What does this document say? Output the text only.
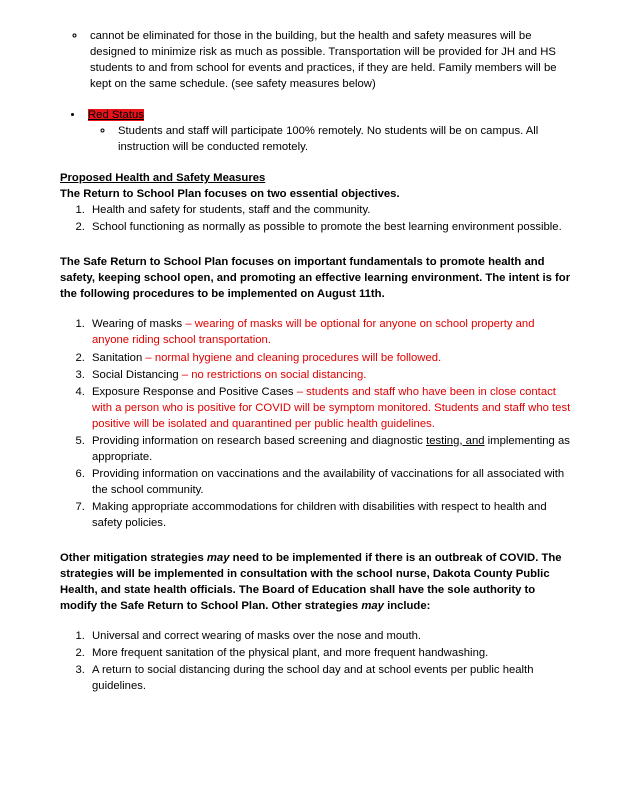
◦ cannot be eliminated for those in the building, but the health and safety measures will be designed to minimize risk as much as possible. Transportation will be provided for JH and HS students to and from school for events and practices, if they are held. Family members will be kept on the same schedule. (see safety measures below)
• Red Status
◦ Students and staff will participate 100% remotely. No students will be on campus. All instruction will be conducted remotely.

Proposed Health and Safety Measures

The Return to School Plan focuses on two essential objectives.

1. Health and safety for students, staff and the community.
2. School functioning as normally as possible to promote the best learning environment possible.

The Safe Return to School Plan focuses on important fundamentals to promote health and safety, keeping school open, and promoting an effective learning environment. The intent is for the following procedures to be implemented on August 11th.

1. Wearing of masks – wearing of masks will be optional for anyone on school property and anyone riding school transportation.
2. Sanitation – normal hygiene and cleaning procedures will be followed.
3. Social Distancing – no restrictions on social distancing.
4. Exposure Response and Positive Cases – students and staff who have been in close contact with a person who is positive for COVID will be symptom monitored. Students and staff who test positive will be isolated and quarantined per public health guidelines.
5. Providing information on research based screening and diagnostic testing, and implementing as appropriate.
6. Providing information on vaccinations and the availability of vaccinations for all associated with the school community.
7. Making appropriate accommodations for children with disabilities with respect to health and safety policies.

Other mitigation strategies may need to be implemented if there is an outbreak of COVID. The strategies will be implemented in consultation with the school nurse, Dakota County Public Health, and state health officials. The Board of Education shall have the sole authority to modify the Safe Return to School Plan. Other strategies may include:

1. Universal and correct wearing of masks over the nose and mouth.
2. More frequent sanitation of the physical plant, and more frequent handwashing.
3. A return to social distancing during the school day and at school events per public health guidelines.
